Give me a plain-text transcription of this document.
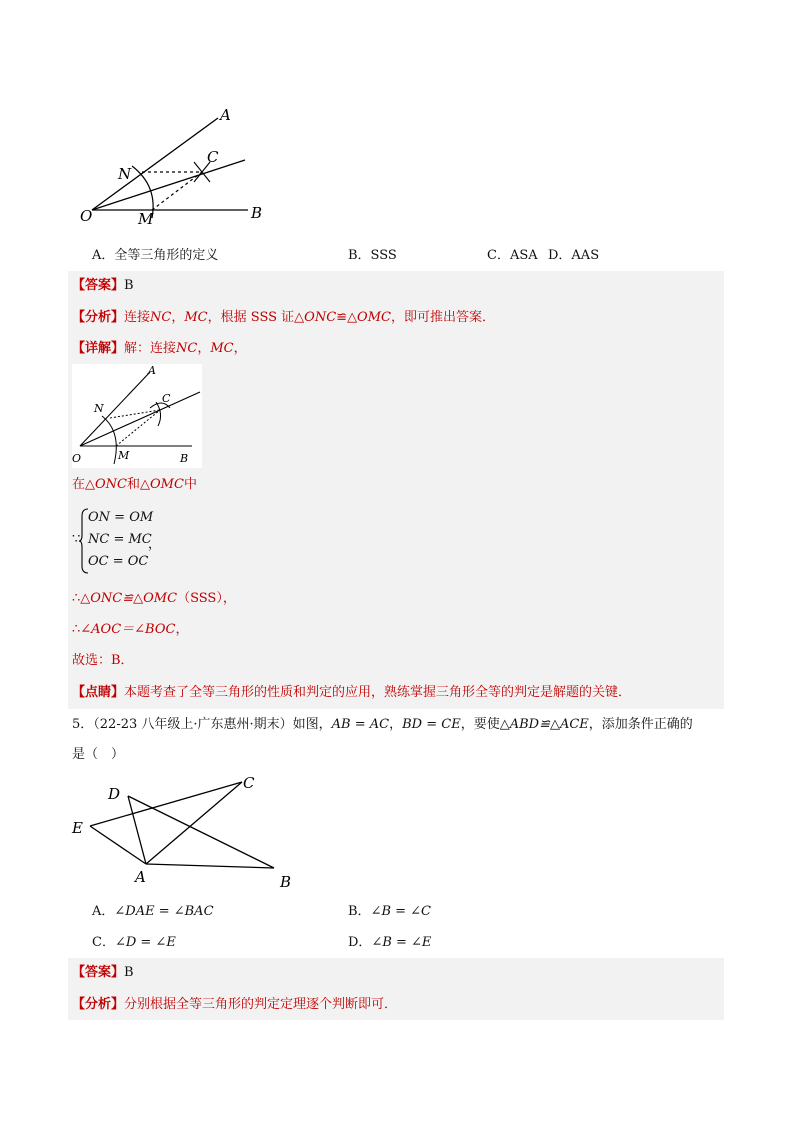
A
C
N
O	M	B
A．全等三角形的定义	B．SSS	C．ASA D．AAS
【答案】B
【分析】连接NC，MC，根据 SSS 证△ONC≌△OMC，即可推出答案．
【详解】解：连接NC，MC，
A
C
N
O	M	B
在△ONC和△OMC中
∵
ON = OM
NC = MC
OC = OC
，
∴△ONC≌△OMC（SSS），
∴∠AOC＝∠BOC，
故选：B．
【点睛】本题考查了全等三角形的性质和判定的应用，熟练掌握三角形全等的判定是解题的关键．
5．（22-23 八年级上·广东惠州·期末）如图，AB = AC，BD = CE，要使△ABD≌△ACE，添加条件正确的
是（　）
D
C
E
A	B
A．∠DAE = ∠BAC	B．∠B = ∠C
C．∠D = ∠E	D．∠B = ∠E
【答案】B
【分析】分别根据全等三角形的判定定理逐个判断即可．
